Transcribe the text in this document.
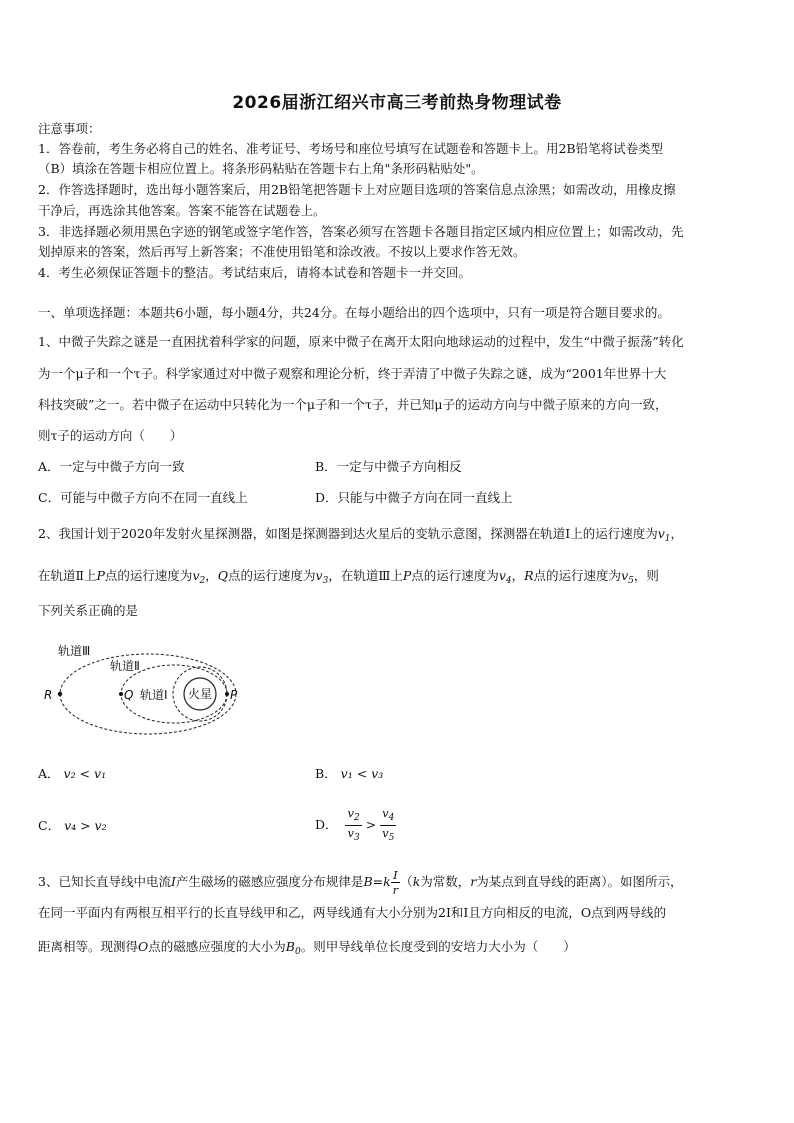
2026届浙江绍兴市高三考前热身物理试卷
注意事项：
1．答卷前，考生务必将自己的姓名、准考证号、考场号和座位号填写在试题卷和答题卡上。用2B铅笔将试卷类型
（B）填涂在答题卡相应位置上。将条形码粘贴在答题卡右上角"条形码粘贴处"。
2．作答选择题时，选出每小题答案后，用2B铅笔把答题卡上对应题目选项的答案信息点涂黑；如需改动，用橡皮擦
干净后，再选涂其他答案。答案不能答在试题卷上。
3．非选择题必须用黑色字迹的钢笔或签字笔作答，答案必须写在答题卡各题目指定区域内相应位置上；如需改动，先
划掉原来的答案，然后再写上新答案；不准使用铅笔和涂改液。不按以上要求作答无效。
4．考生必须保证答题卡的整洁。考试结束后，请将本试卷和答题卡一并交回。
一、单项选择题：本题共6小题，每小题4分，共24分。在每小题给出的四个选项中，只有一项是符合题目要求的。
1、中微子失踪之谜是一直困扰着科学家的问题，原来中微子在离开太阳向地球运动的过程中，发生“中微子振荡”转化
为一个μ子和一个τ子。科学家通过对中微子观察和理论分析，终于弄清了中微子失踪之谜，成为“2001年世界十大
科技突破”之一。若中微子在运动中只转化为一个μ子和一个τ子，并已知μ子的运动方向与中微子原来的方向一致，
则τ子的运动方向（　　）
A．一定与中微子方向一致	B．一定与中微子方向相反
C．可能与中微子方向不在同一直线上	D．只能与中微子方向在同一直线上
2、我国计划于2020年发射火星探测器，如图是探测器到达火星后的变轨示意图，探测器在轨道Ⅰ上的运行速度为$v_1$，
在轨道Ⅱ上P点的运行速度为$v_2$，Q点的运行速度为$v_3$，在轨道Ⅲ上P点的运行速度为$v_4$，R点的运行速度为$v_5$，则
下列关系正确的是
轨道Ⅲ
轨道Ⅱ
轨道Ⅰ 火星
R	Q	P
A． v₂ < v₁	B． v₁ < v₃
C． v₄ > v₂	D． $\frac{v_2}{v_3} > \frac{v_4}{v_5}$
3、已知长直导线中电流I产生磁场的磁感应强度分布规律是$B=k \frac{I}{r} (k$为常数，r为某点到直导线的距离）。如图所示，
在同一平面内有两根互相平行的长直导线甲和乙，两导线通有大小分别为2I和I且方向相反的电流，O点到两导线的
距离相等。现测得O点的磁感应强度的大小为$B_0$。则甲导线单位长度受到的安培力大小为（　　）
